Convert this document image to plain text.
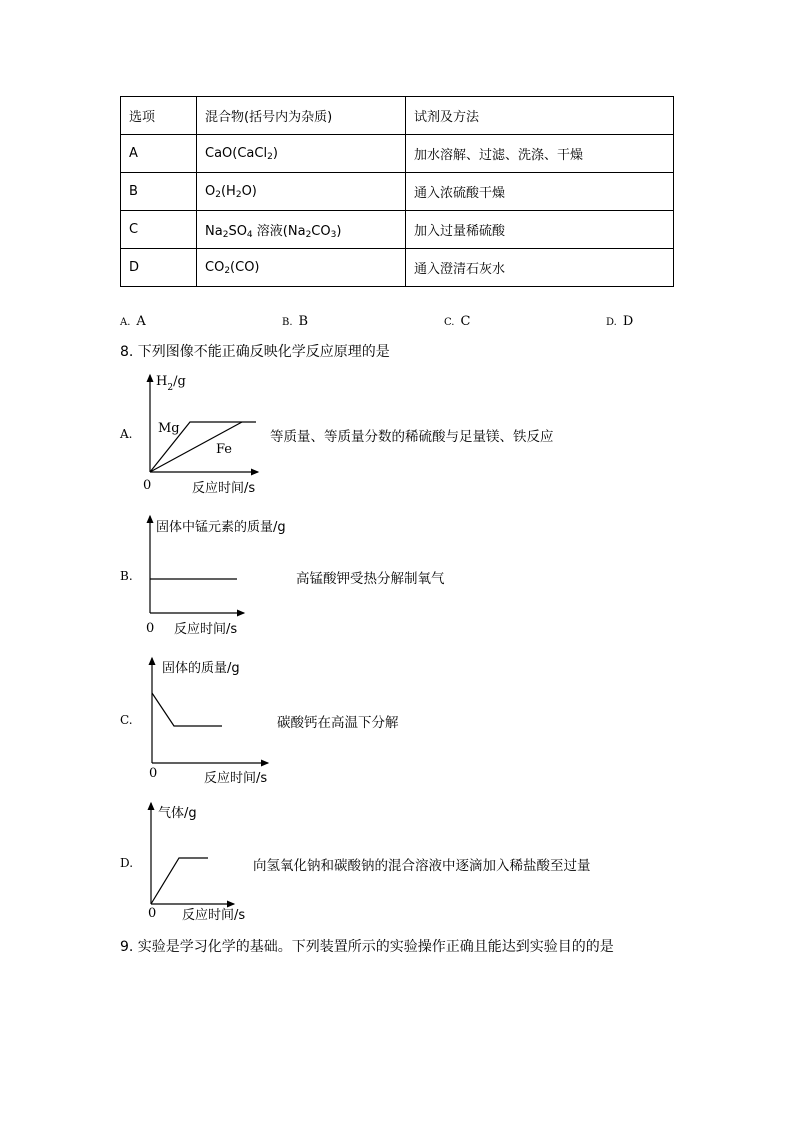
选项	混合物(括号内为杂质)	试剂及方法
A	CaO(CaCl$_2$)	加水溶解、过滤、洗涤、干燥
B	$O_2(H_2O)$	通入浓硫酸干燥
C	$Na_2SO_4$ 溶液$(Na_2CO_3)$	加入过量稀硫酸
D	$CO_2(CO)$	通入澄清石灰水
A. A	B. B	C. C	D. D
8. 下列图像不能正确反映化学反应原理的是
A.
$H_2/g$
Mg
Fe
0	反应时间/s
等质量、等质量分数的稀硫酸与足量镁、铁反应
B.
固体中锰元素的质量/g
0 反应时间/s
高锰酸钾受热分解制氧气
C.
固体的质量/g
0	反应时间/s
碳酸钙在高温下分解
D.
气体/g
0 反应时间/s
向氢氧化钠和碳酸钠的混合溶液中逐滴加入稀盐酸至过量
9. 实验是学习化学的基础。下列装置所示的实验操作正确且能达到实验目的的是
